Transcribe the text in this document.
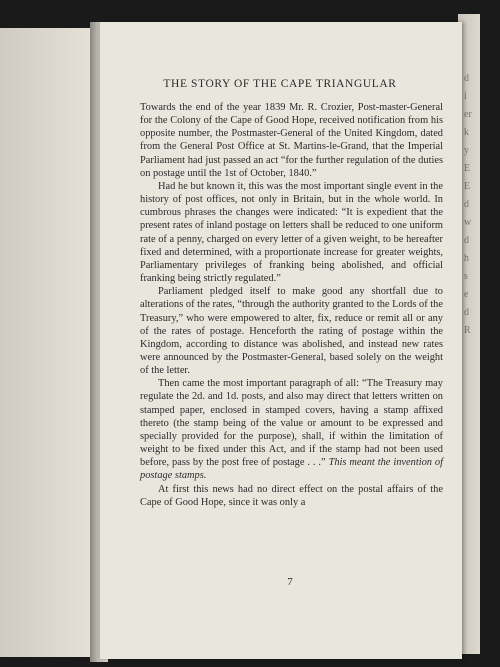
d
i
er
k
y
E
E
d
w
d
h
s
e
d
R
THE STORY OF THE CAPE TRIANGULAR

Towards the end of the year 1839 Mr. R. Crozier, Post-master-General for the Colony of the Cape of Good Hope, received notification from his opposite number, the Postmaster-General of the United Kingdom, dated from the General Post Office at St. Martins-le-Grand, that the Imperial Parliament had just passed an act “for the further regulation of the duties on postage until the 1st of October, 1840.”

Had he but known it, this was the most important single event in the history of post offices, not only in Britain, but in the whole world. In cumbrous phrases the changes were indicated: “It is expedient that the present rates of inland postage on letters shall be reduced to one uniform rate of a penny, charged on every letter of a given weight, to be hereafter fixed and determined, with a proportionate increase for greater weights, Parliamentary privileges of franking being abolished, and official franking being strictly regulated.”

Parliament pledged itself to make good any shortfall due to alterations of the rates, “through the authority granted to the Lords of the Treasury,” who were empowered to alter, fix, reduce or remit all or any of the rates of postage. Henceforth the rating of postage within the Kingdom, according to distance was abolished, and instead new rates were announced by the Postmaster-General, based solely on the weight of the letter.

Then came the most important paragraph of all: “The Treasury may regulate the 2d. and 1d. posts, and also may direct that letters written on stamped paper, enclosed in stamped covers, having a stamp affixed thereto (the stamp being of the value or amount to be expressed and specially provided for the purpose), shall, if within the limitation of weight to be fixed under this Act, and if the stamp had not been used before, pass by the post free of postage . . .” This meant the invention of postage stamps.

At first this news had no direct effect on the postal affairs of the Cape of Good Hope, since it was only a

7
